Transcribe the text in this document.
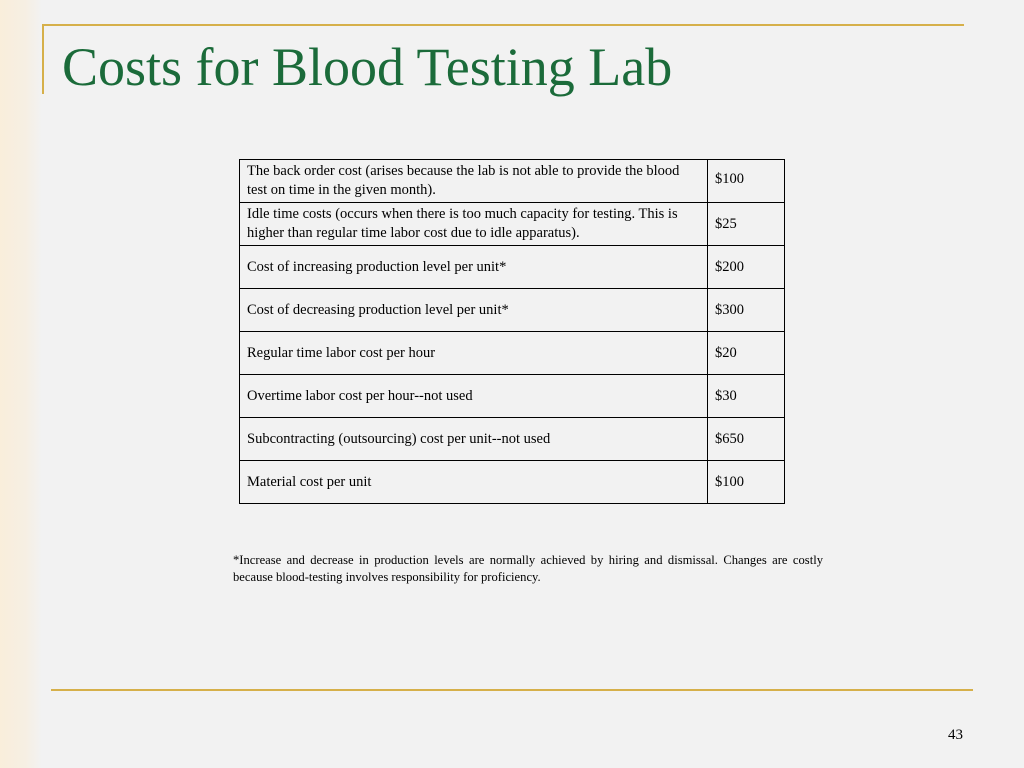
Costs for Blood Testing Lab
The back order cost (arises because the lab is not able to provide the blood test on time in the given month).	$100
Idle time costs (occurs when there is too much capacity for testing. This is higher than regular time labor cost due to idle apparatus).	$25
Cost of increasing production level per unit*	$200
Cost of decreasing production level per unit*	$300
Regular time labor cost per hour	$20
Overtime labor cost per hour--not used	$30
Subcontracting (outsourcing) cost per unit--not used	$650
Material cost per unit	$100

*Increase and decrease in production levels are normally achieved by hiring and dismissal. Changes are costly because blood-testing involves responsibility for proficiency.

43
